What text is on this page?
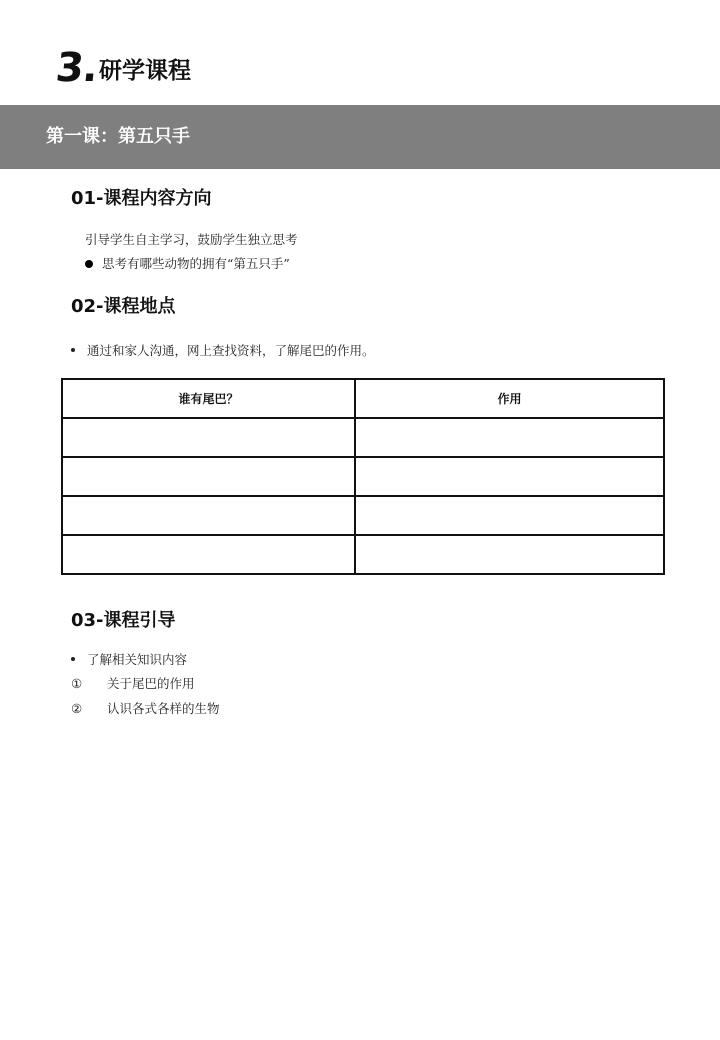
3. 研学课程
第一课：第五只手
01-课程内容方向
引导学生自主学习，鼓励学生独立思考
思考有哪些动物的拥有“第五只手”
02-课程地点
通过和家人沟通，网上查找资料，了解尾巴的作用。
谁有尾巴？	作用

03-课程引导
了解相关知识内容
① 关于尾巴的作用
② 认识各式各样的生物
